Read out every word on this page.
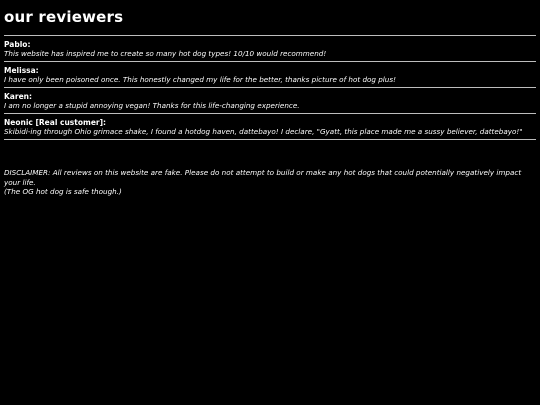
our reviewers
Pablo:
This website has inspired me to create so many hot dog types! 10/10 would recommend!
Melissa:
I have only been poisoned once. This honestly changed my life for the better, thanks picture of hot dog plus!
Karen:
I am no longer a stupid annoying vegan! Thanks for this life-changing experience.
Neonic [Real customer]:
Skibidi-ing through Ohio grimace shake, I found a hotdog haven, dattebayo! I declare, "Gyatt, this place made me a sussy believer, dattebayo!"
DISCLAIMER: All reviews on this website are fake. Please do not attempt to build or make any hot dogs that could potentially negatively impact your life.
(The OG hot dog is safe though.)
